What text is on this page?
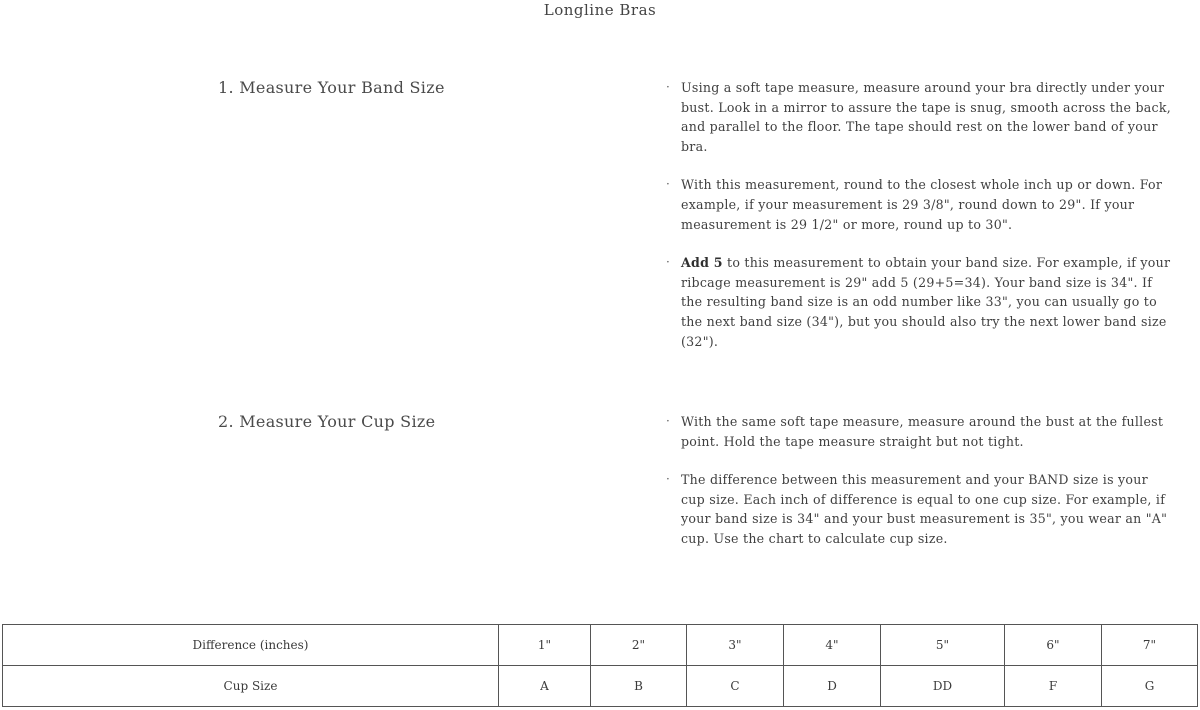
Longline Bras
1. Measure Your Band Size	· Using a soft tape measure, measure around your bra directly under your bust. Look in a mirror to assure the tape is snug, smooth across the back, and parallel to the floor. The tape should rest on the lower band of your bra.
· With this measurement, round to the closest whole inch up or down. For example, if your measurement is 29 3/8", round down to 29". If your measurement is 29 1/2" or more, round up to 30".
· Add 5 to this measurement to obtain your band size. For example, if your ribcage measurement is 29" add 5 (29+5=34). Your band size is 34". If the resulting band size is an odd number like 33", you can usually go to the next band size (34"), but you should also try the next lower band size (32").
2. Measure Your Cup Size	· With the same soft tape measure, measure around the bust at the fullest point. Hold the tape measure straight but not tight.
· The difference between this measurement and your BAND size is your cup size. Each inch of difference is equal to one cup size. For example, if your band size is 34" and your bust measurement is 35", you wear an "A" cup. Use the chart to calculate cup size.
Difference (inches)	1"	2"	3"	4"	5"	6"	7"
Cup Size	A	B	C	D	DD	F	G
